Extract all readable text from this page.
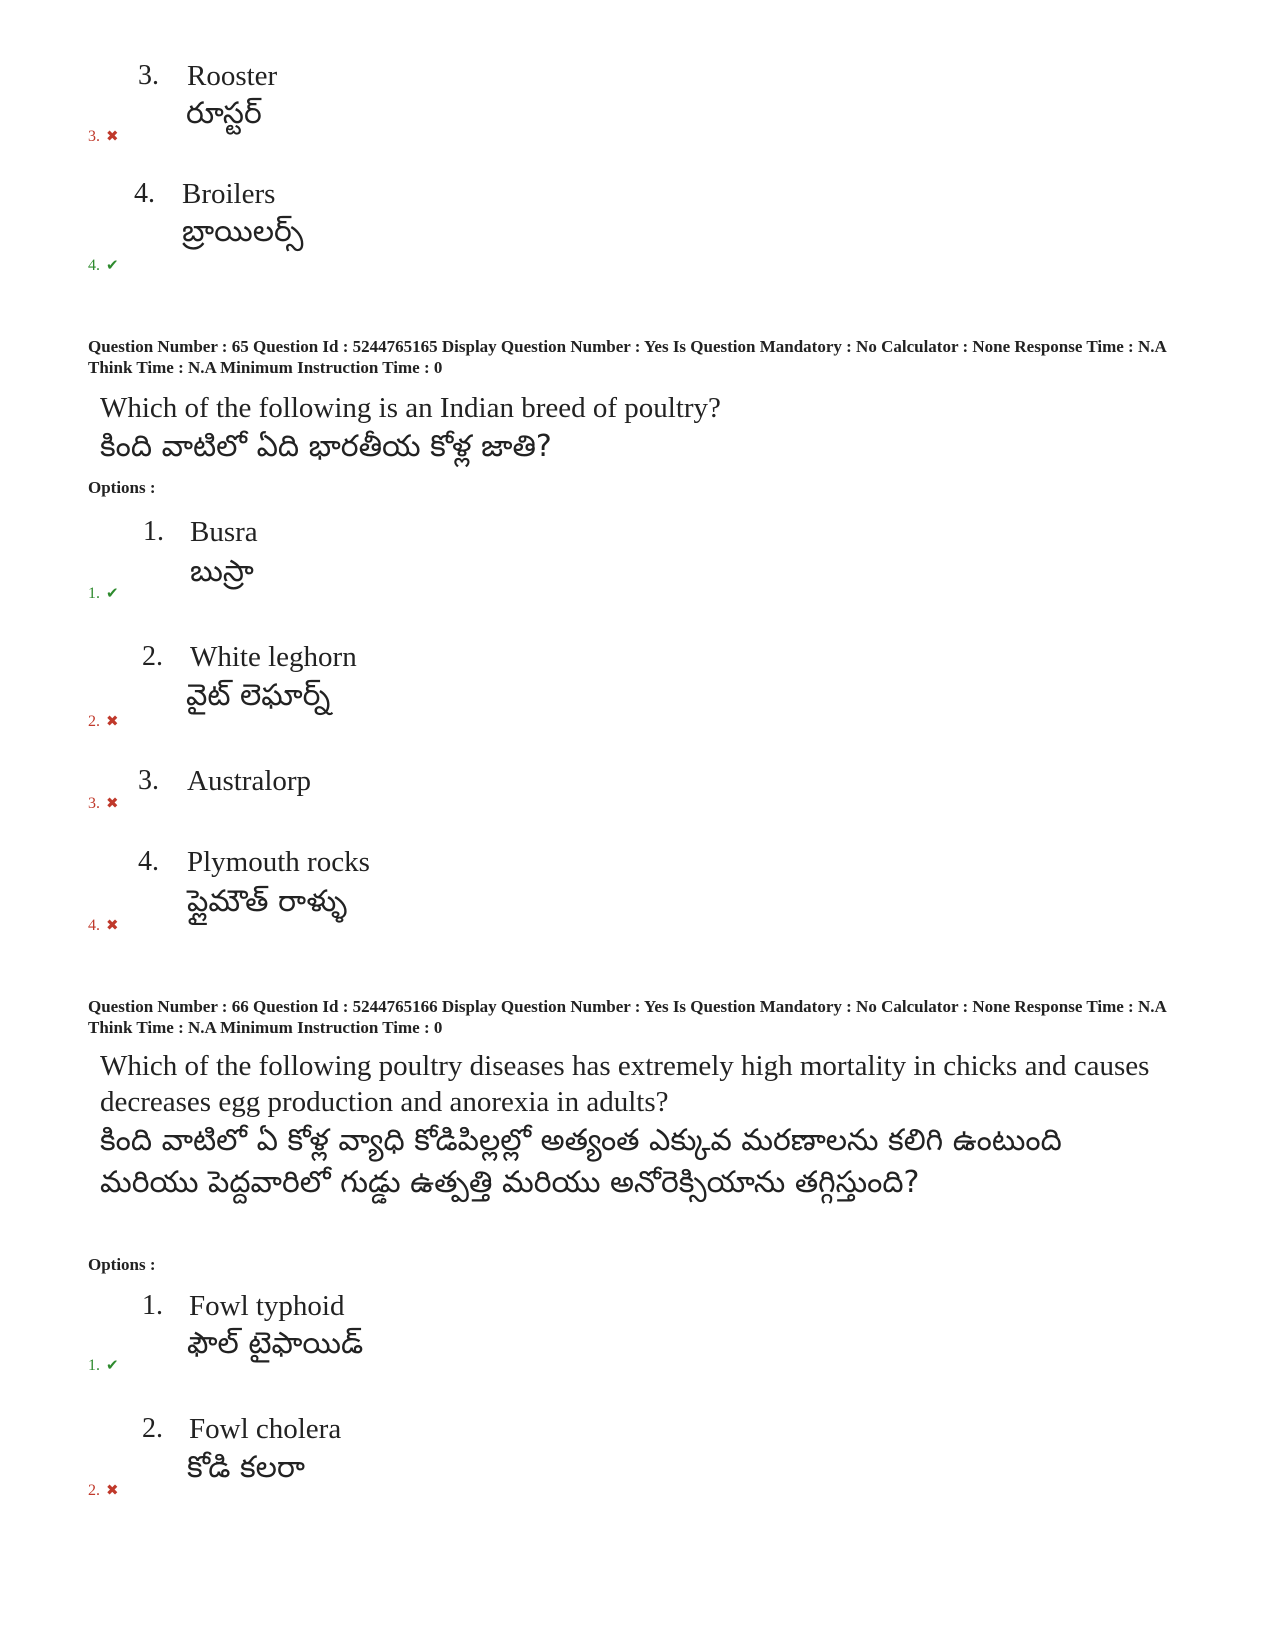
3. Rooster
రూస్టర్
3. ✖
4. Broilers
బ్రాయిలర్స్
4. ✔
Question Number : 65 Question Id : 5244765165 Display Question Number : Yes Is Question Mandatory : No Calculator : None Response Time : N.A Think Time : N.A Minimum Instruction Time : 0
Which of the following is an Indian breed of poultry?
కింది వాటిలో ఏది భారతీయ కోళ్ల జాతి?
Options :
1. Busra
బుస్రా
1. ✔
2. White leghorn
వైట్ లెఘార్న్
2. ✖
3. Australorp
3. ✖
4. Plymouth rocks
ప్లైమౌత్ రాళ్ళు
4. ✖
Question Number : 66 Question Id : 5244765166 Display Question Number : Yes Is Question Mandatory : No Calculator : None Response Time : N.A Think Time : N.A Minimum Instruction Time : 0
Which of the following poultry diseases has extremely high mortality in chicks and causes decreases egg production and anorexia in adults?
కింది వాటిలో ఏ కోళ్ల వ్యాధి కోడిపిల్లల్లో అత్యంత ఎక్కువ మరణాలను కలిగి ఉంటుంది మరియు పెద్దవారిలో గుడ్డు ఉత్పత్తి మరియు అనోరెక్సియాను తగ్గిస్తుంది?
Options :
1. Fowl typhoid
ఫౌల్ టైఫాయిడ్
1. ✔
2. Fowl cholera
కోడి కలరా
2. ✖
